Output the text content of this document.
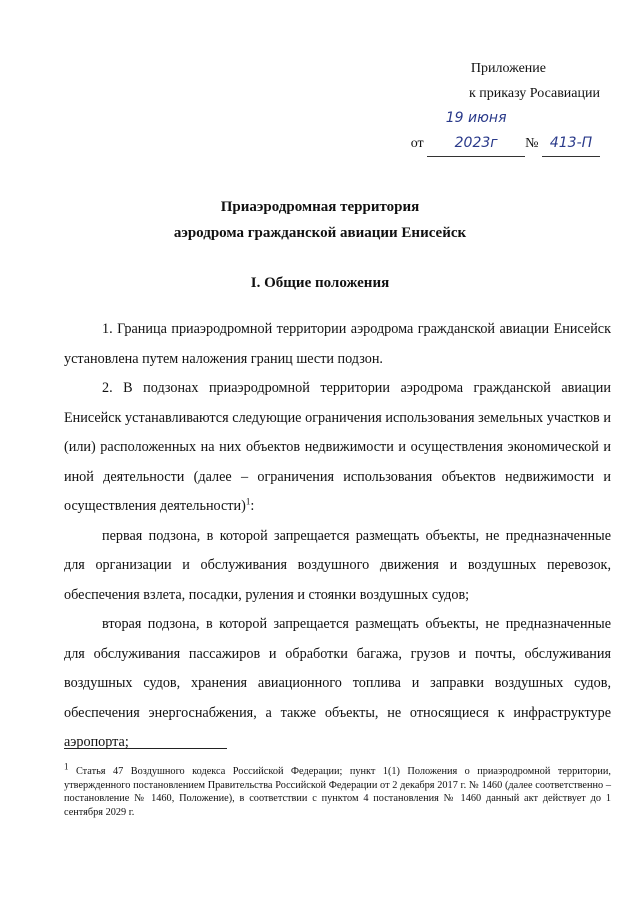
Приложение
к приказу Росавиации
от 19 июня 2023г № 413-П
Приаэродромная территория
аэродрома гражданской авиации Енисейск
I. Общие положения

1. Граница приаэродромной территории аэродрома гражданской авиации Енисейск установлена путем наложения границ шести подзон.

2. В подзонах приаэродромной территории аэродрома гражданской авиации Енисейск устанавливаются следующие ограничения использования земельных участков и (или) расположенных на них объектов недвижимости и осуществления экономической и иной деятельности (далее – ограничения использования объектов недвижимости и осуществления деятельности)$^1$:

первая подзона, в которой запрещается размещать объекты, не предназначенные для организации и обслуживания воздушного движения и воздушных перевозок, обеспечения взлета, посадки, руления и стоянки воздушных судов;

вторая подзона, в которой запрещается размещать объекты, не предназначенные для обслуживания пассажиров и обработки багажа, грузов и почты, обслуживания воздушных судов, хранения авиационного топлива и заправки воздушных судов, обеспечения энергоснабжения, а также объекты, не относящиеся к инфраструктуре аэропорта;

1 Статья 47 Воздушного кодекса Российской Федерации; пункт 1(1) Положения о приаэродромной территории, утвержденного постановлением Правительства Российской Федерации от 2 декабря 2017 г. № 1460 (далее соответственно – постановление № 1460, Положение), в соответствии с пунктом 4 постановления № 1460 данный акт действует до 1 сентября 2029 г.
